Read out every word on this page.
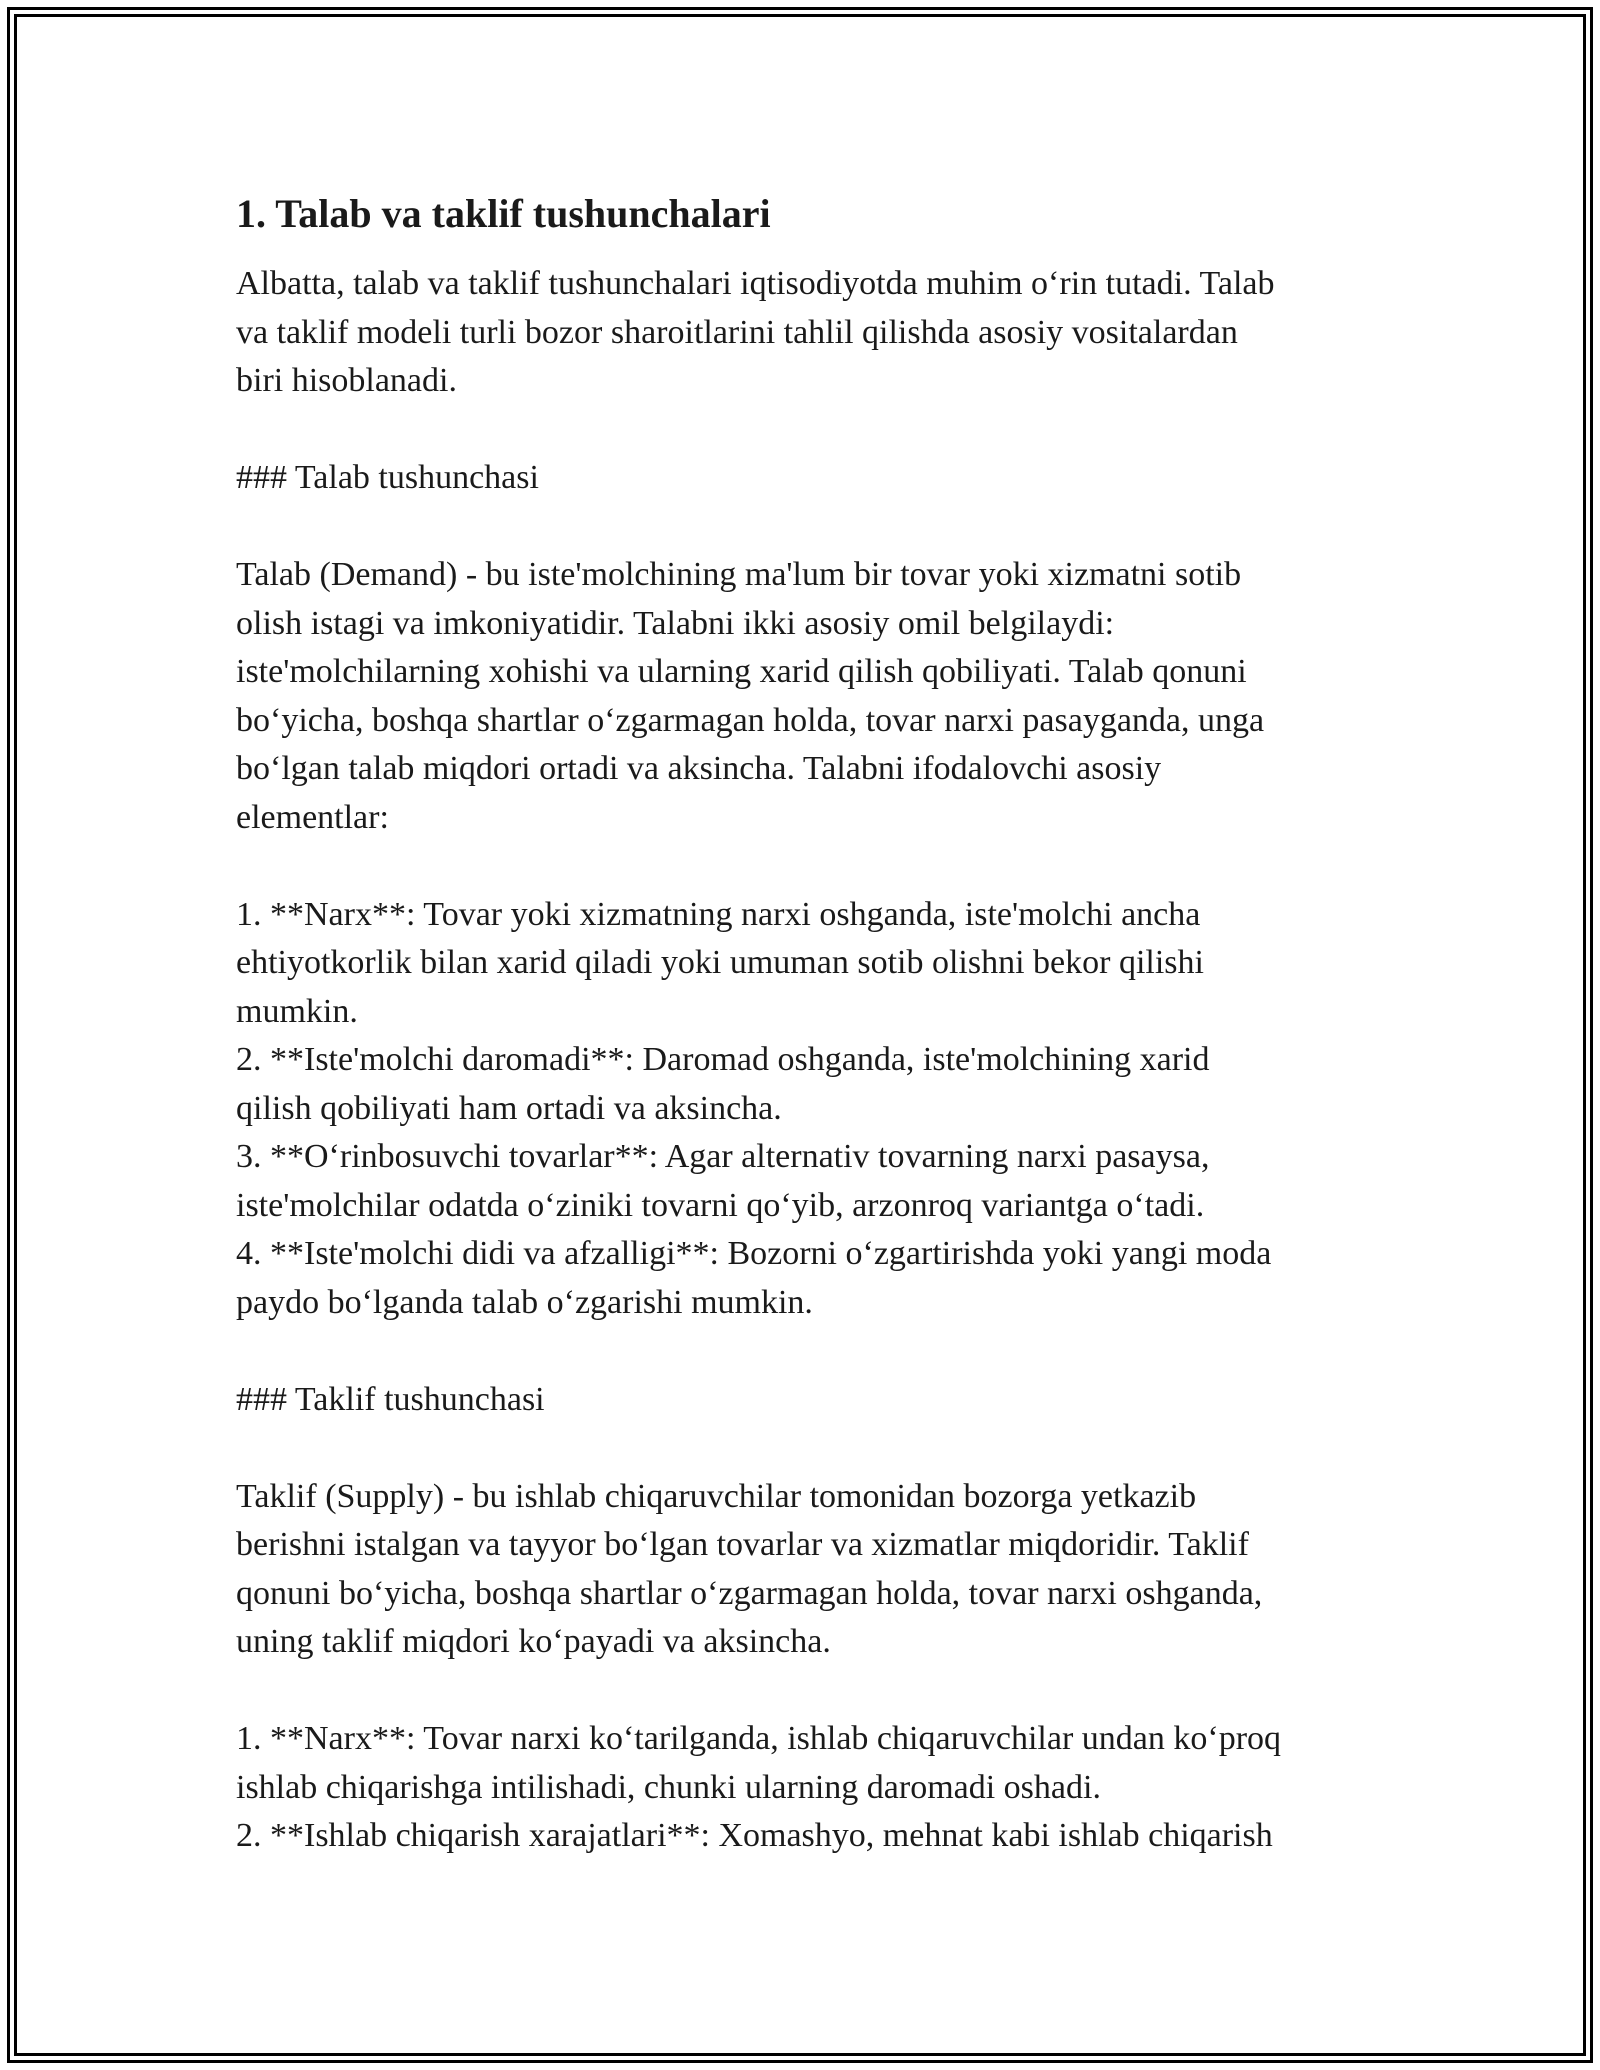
1. Talab va taklif tushunchalari

Albatta, talab va taklif tushunchalari iqtisodiyotda muhim o‘rin tutadi. Talab
va taklif modeli turli bozor sharoitlarini tahlil qilishda asosiy vositalardan
biri hisoblanadi.

### Talab tushunchasi

Talab (Demand) - bu iste'molchining ma'lum bir tovar yoki xizmatni sotib
olish istagi va imkoniyatidir. Talabni ikki asosiy omil belgilaydi:
iste'molchilarning xohishi va ularning xarid qilish qobiliyati. Talab qonuni
bo‘yicha, boshqa shartlar o‘zgarmagan holda, tovar narxi pasayganda, unga
bo‘lgan talab miqdori ortadi va aksincha. Talabni ifodalovchi asosiy
elementlar:

1. **Narx**: Tovar yoki xizmatning narxi oshganda, iste'molchi ancha
ehtiyotkorlik bilan xarid qiladi yoki umuman sotib olishni bekor qilishi
mumkin.

2. **Iste'molchi daromadi**: Daromad oshganda, iste'molchining xarid
qilish qobiliyati ham ortadi va aksincha.

3. **O‘rinbosuvchi tovarlar**: Agar alternativ tovarning narxi pasaysa,
iste'molchilar odatda o‘ziniki tovarni qo‘yib, arzonroq variantga o‘tadi.

4. **Iste'molchi didi va afzalligi**: Bozorni o‘zgartirishda yoki yangi moda
paydo bo‘lganda talab o‘zgarishi mumkin.

### Taklif tushunchasi

Taklif (Supply) - bu ishlab chiqaruvchilar tomonidan bozorga yetkazib
berishni istalgan va tayyor bo‘lgan tovarlar va xizmatlar miqdoridir. Taklif
qonuni bo‘yicha, boshqa shartlar o‘zgarmagan holda, tovar narxi oshganda,
uning taklif miqdori ko‘payadi va aksincha.

1. **Narx**: Tovar narxi ko‘tarilganda, ishlab chiqaruvchilar undan ko‘proq
ishlab chiqarishga intilishadi, chunki ularning daromadi oshadi.

2. **Ishlab chiqarish xarajatlari**: Xomashyo, mehnat kabi ishlab chiqarish
